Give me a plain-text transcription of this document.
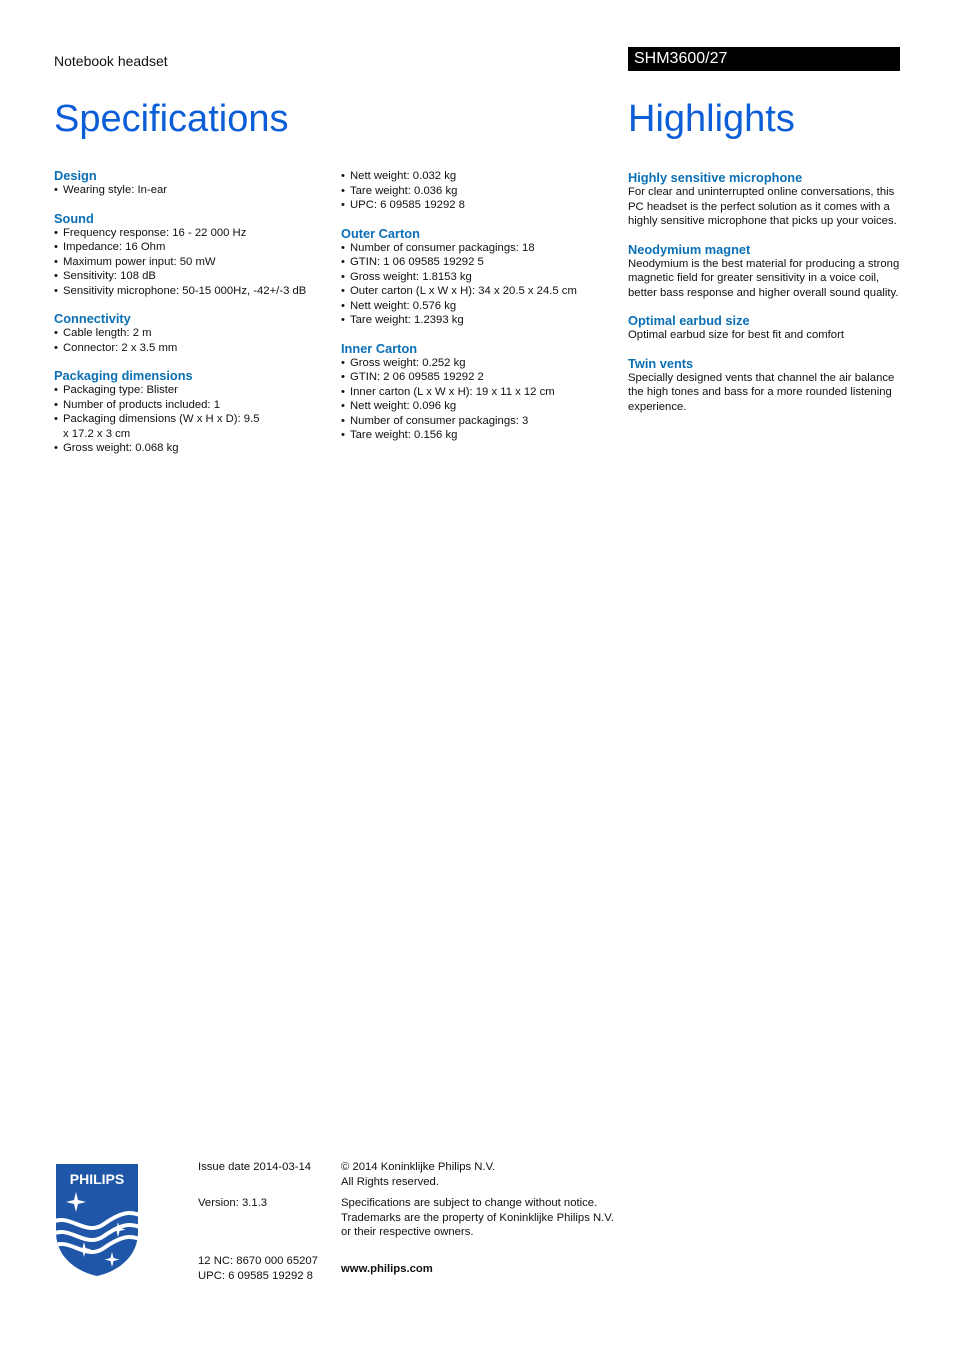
Notebook headset	SHM3600/27
Specifications	Highlights
Design
• Wearing style: In-ear
Sound
• Frequency response: 16 - 22 000 Hz
• Impedance: 16 Ohm
• Maximum power input: 50 mW
• Sensitivity: 108 dB
• Sensitivity microphone: 50-15 000Hz, -42+/-3 dB
Connectivity
• Cable length: 2 m
• Connector: 2 x 3.5 mm
Packaging dimensions
• Packaging type: Blister
• Number of products included: 1
• Packaging dimensions (W x H x D): 9.5 x 17.2 x 3 cm
• Gross weight: 0.068 kg
• Nett weight: 0.032 kg
• Tare weight: 0.036 kg
• UPC: 6 09585 19292 8
Outer Carton
• Number of consumer packagings: 18
• GTIN: 1 06 09585 19292 5
• Gross weight: 1.8153 kg
• Outer carton (L x W x H): 34 x 20.5 x 24.5 cm
• Nett weight: 0.576 kg
• Tare weight: 1.2393 kg
Inner Carton
• Gross weight: 0.252 kg
• GTIN: 2 06 09585 19292 2
• Inner carton (L x W x H): 19 x 11 x 12 cm
• Nett weight: 0.096 kg
• Number of consumer packagings: 3
• Tare weight: 0.156 kg
Highly sensitive microphone

For clear and uninterrupted online conversations, this PC headset is the perfect solution as it comes with a highly sensitive microphone that picks up your voices.

Neodymium magnet

Neodymium is the best material for producing a strong magnetic field for greater sensitivity in a voice coil, better bass response and higher overall sound quality.

Optimal earbud size

Optimal earbud size for best fit and comfort

Twin vents

Specially designed vents that channel the air balance the high tones and bass for a more rounded listening experience.

PHILIPS
Issue date 2014-03-14
Version: 3.1.3
12 NC: 8670 000 65207
UPC: 6 09585 19292 8
© 2014 Koninklijke Philips N.V.
All Rights reserved.
Specifications are subject to change without notice.
Trademarks are the property of Koninklijke Philips N.V.
or their respective owners.
www.philips.com
